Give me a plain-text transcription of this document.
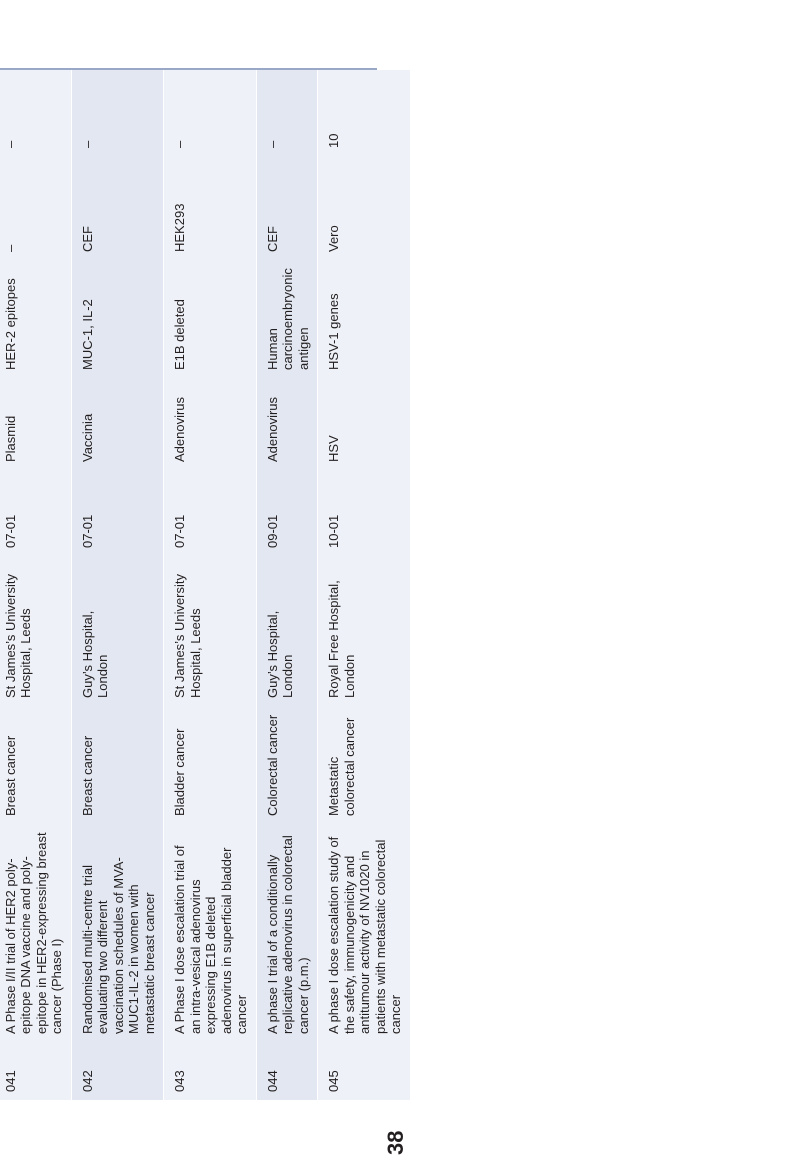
38

041	A Phase I/II trial of HER2 poly-epitope DNA vaccine and poly-epitope in HER2-expressing breast cancer (Phase I)	Breast cancer	St James’s University Hospital, Leeds	07-01	Plasmid	HER-2 epitopes	–	–
042	Randomised multi-centre trial evaluating two different vaccination schedules of MVA-MUC1-IL-2 in women with metastatic breast cancer	Breast cancer	Guy’s Hospital, London	07-01	Vaccinia	MUC-1, IL-2	CEF	–
043	A Phase I dose escalation trial of an intra-vesical adenovirus expressing E1B deleted adenovirus in superficial bladder cancer	Bladder cancer	St James’s University Hospital, Leeds	07-01	Adenovirus	E1B deleted	HEK293	–
044	A phase I trial of a conditionally replicative adenovirus in colorectal cancer (p.m.)	Colorectal cancer	Guy’s Hospital, London	09-01	Adenovirus	Human carcinoembryonic antigen	CEF	–
045	A phase I dose escalation study of the safety, immunogenicity and antitumour activity of NV1020 in patients with metastatic colorectal cancer	Metastatic colorectal cancer	Royal Free Hospital, London	10-01	HSV	HSV-1 genes	Vero	10
